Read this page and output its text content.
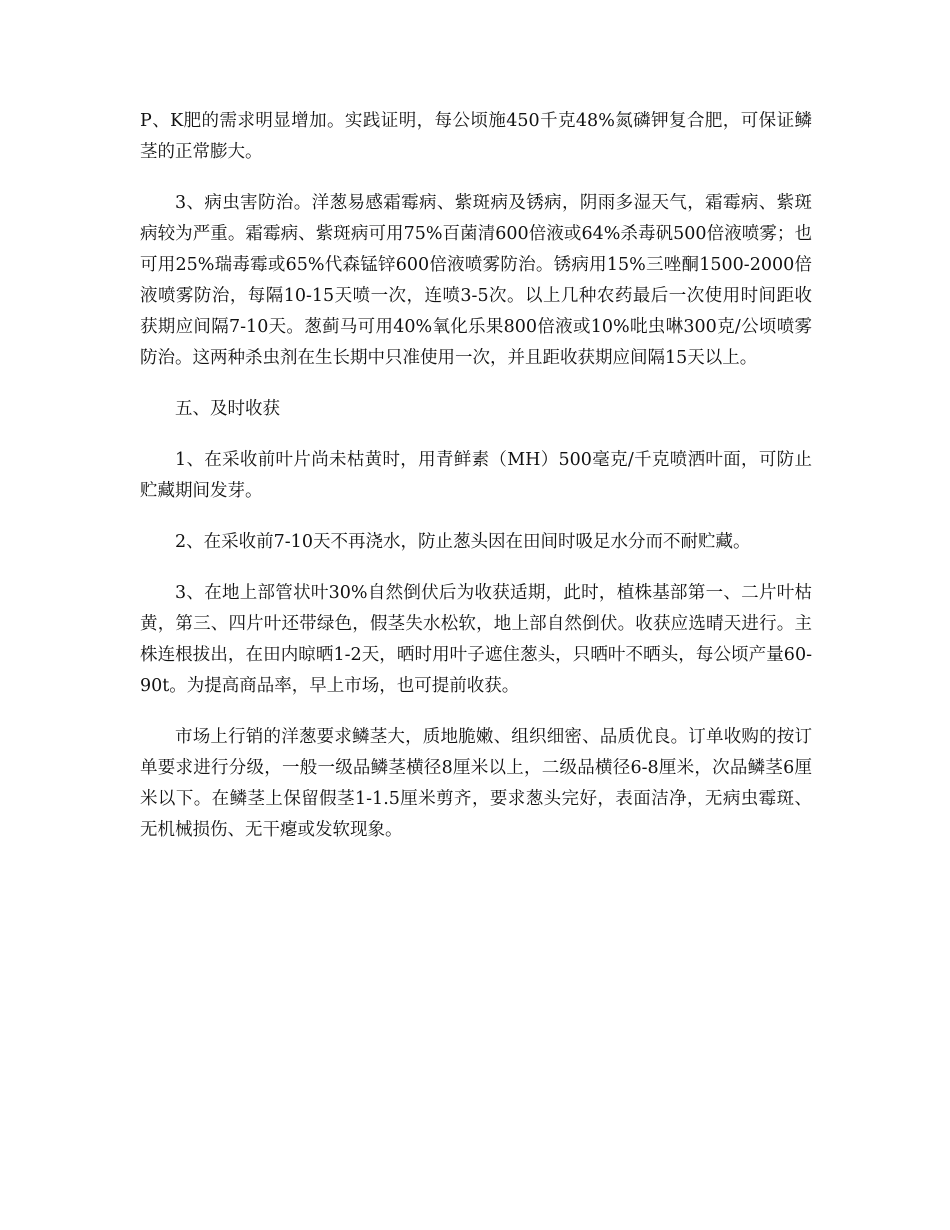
P、K肥的需求明显增加。实践证明，每公顷施450千克48%氮磷钾复合肥，可保证鳞茎的正常膨大。

3、病虫害防治。洋葱易感霜霉病、紫斑病及锈病，阴雨多湿天气，霜霉病、紫斑病较为严重。霜霉病、紫斑病可用75%百菌清600倍液或64%杀毒矾500倍液喷雾；也可用25%瑞毒霉或65%代森锰锌600倍液喷雾防治。锈病用15%三唑酮1500-2000倍液喷雾防治，每隔10-15天喷一次，连喷3-5次。以上几种农药最后一次使用时间距收获期应间隔7-10天。葱蓟马可用40%氧化乐果800倍液或10%吡虫啉300克/公顷喷雾防治。这两种杀虫剂在生长期中只准使用一次，并且距收获期应间隔15天以上。

五、及时收获

1、在采收前叶片尚未枯黄时，用青鲜素（MH）500毫克/千克喷洒叶面，可防止贮藏期间发芽。

2、在采收前7-10天不再浇水，防止葱头因在田间时吸足水分而不耐贮藏。

3、在地上部管状叶30%自然倒伏后为收获适期，此时，植株基部第一、二片叶枯黄，第三、四片叶还带绿色，假茎失水松软，地上部自然倒伏。收获应选晴天进行。主株连根拔出，在田内晾晒1-2天，晒时用叶子遮住葱头，只晒叶不晒头，每公顷产量60-90t。为提高商品率，早上市场，也可提前收获。

市场上行销的洋葱要求鳞茎大，质地脆嫩、组织细密、品质优良。订单收购的按订单要求进行分级，一般一级品鳞茎横径8厘米以上，二级品横径6-8厘米，次品鳞茎6厘米以下。在鳞茎上保留假茎1-1.5厘米剪齐，要求葱头完好，表面洁净，无病虫霉斑、无机械损伤、无干瘪或发软现象。
